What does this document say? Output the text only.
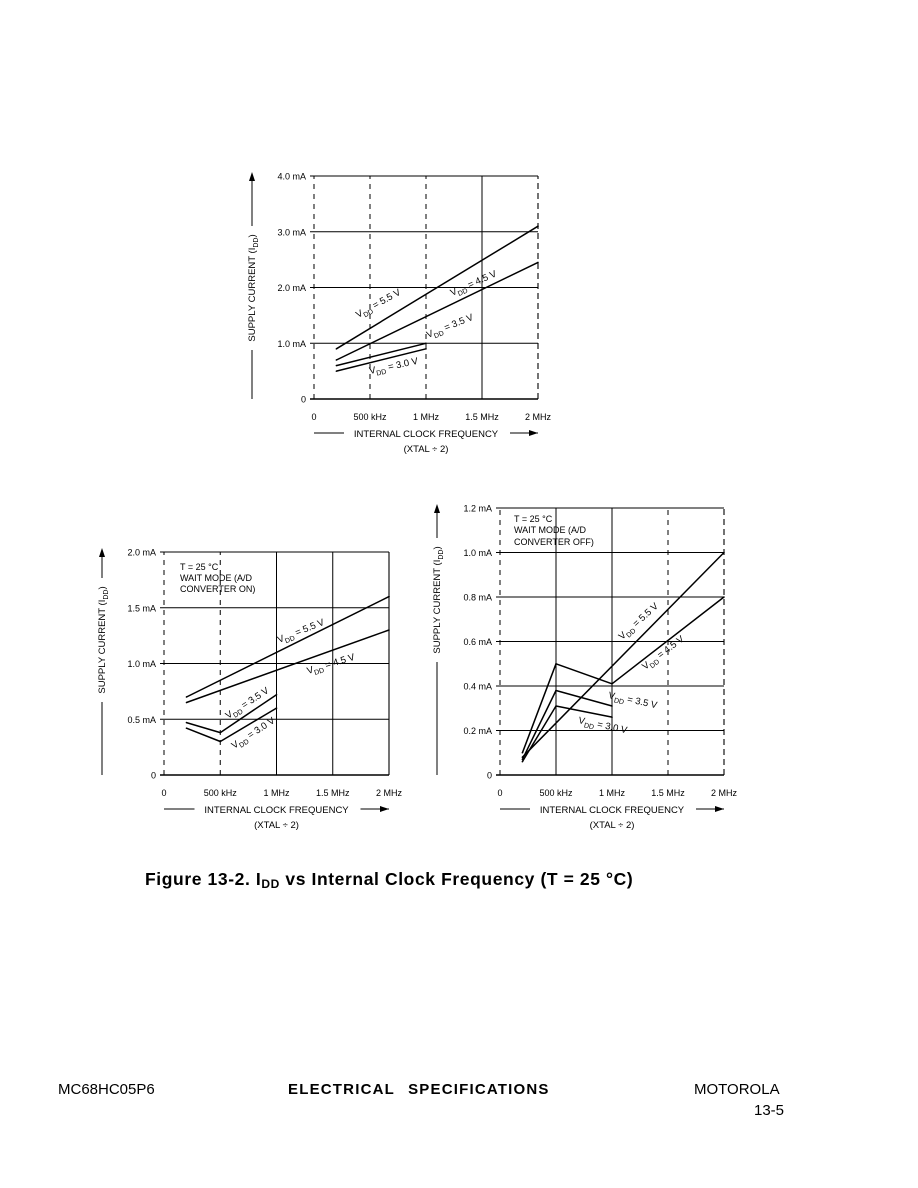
0
1.0 mA
2.0 mA
3.0 mA
4.0 mA
0	500 kHz	1 MHz	1.5 MHz	2 MHz
INTERNAL CLOCK FREQUENCY
(XTAL ÷ 2)
SUPPLY CURRENT $(I_{DD})$
$V_{DD} = 5.5$ V	$V_{DD} = 4.5$ V
$V_{DD} = 3.5$ V
$V_{DD} = 3.0$ V
0
0.5 mA
1.0 mA
1.5 mA
2.0 mA
0	500 kHz	1 MHz	1.5 MHz	2 MHz
INTERNAL CLOCK FREQUENCY
(XTAL ÷ 2)
SUPPLY CURRENT $(I_{DD})$
T = 25 °C
WAIT MODE (A/D
CONVERTER ON)
$V_{DD} = 5.5$ V
$V_{DD} = 4.5$ V
$V_{DD} = 3.5$ V
$V_{DD} = 3.0$ V
0
0.2 mA
0.4 mA
0.6 mA
0.8 mA
1.0 mA
1.2 mA
0	500 kHz	1 MHz	1.5 MHz	2 MHz
INTERNAL CLOCK FREQUENCY
(XTAL ÷ 2)
SUPPLY CURRENT $(I_{DD})$
T = 25 °C
WAIT MODE (A/D
CONVERTER OFF)
$V_{DD} = 5.5$ V
$V_{DD} = 4.5$ V
$V_{DD} = 3.5$ V
$V_{DD} = 3.0$ V
Figure 13-2. $I_{DD}$ vs Internal Clock Frequency (T = 25 °C)
MC68HC05P6	ELECTRICAL SPECIFICATIONS	MOTOROLA
13-5
